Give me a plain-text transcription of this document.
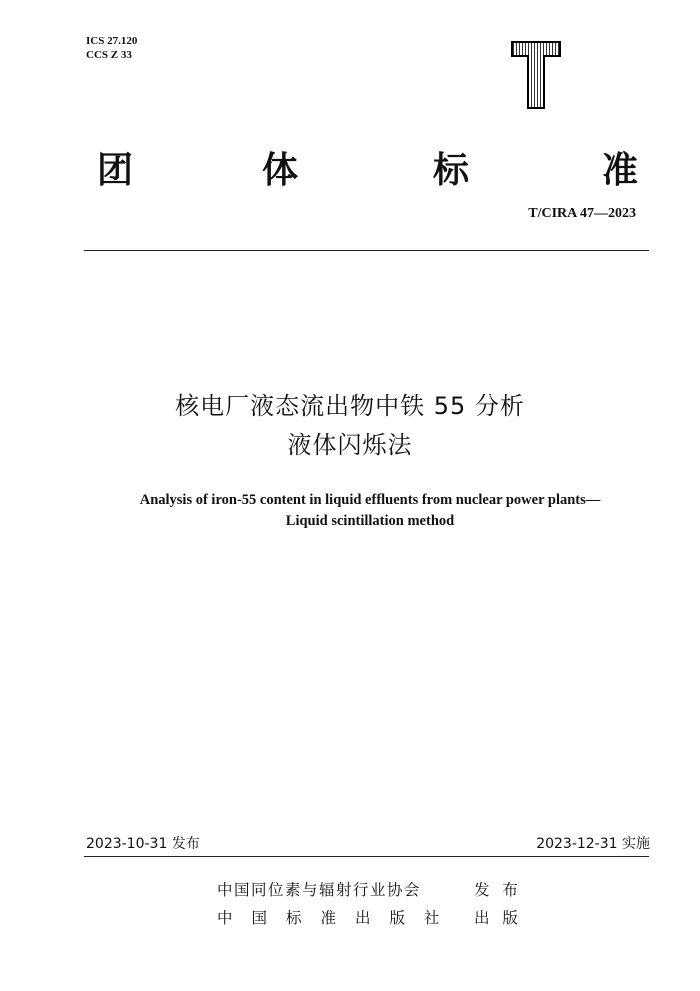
ICS 27.120
CCS Z 33
团	体	标	准
T/CIRA 47—2023
核电厂液态流出物中铁 55 分析
液体闪烁法
Analysis of iron-55 content in liquid effluents from nuclear power plants—
Liquid scintillation method
2023-10-31 发布	2023-12-31 实施
中国同位素与辐射行业协会	发 布
中 国 标 准 出 版 社	出 版
